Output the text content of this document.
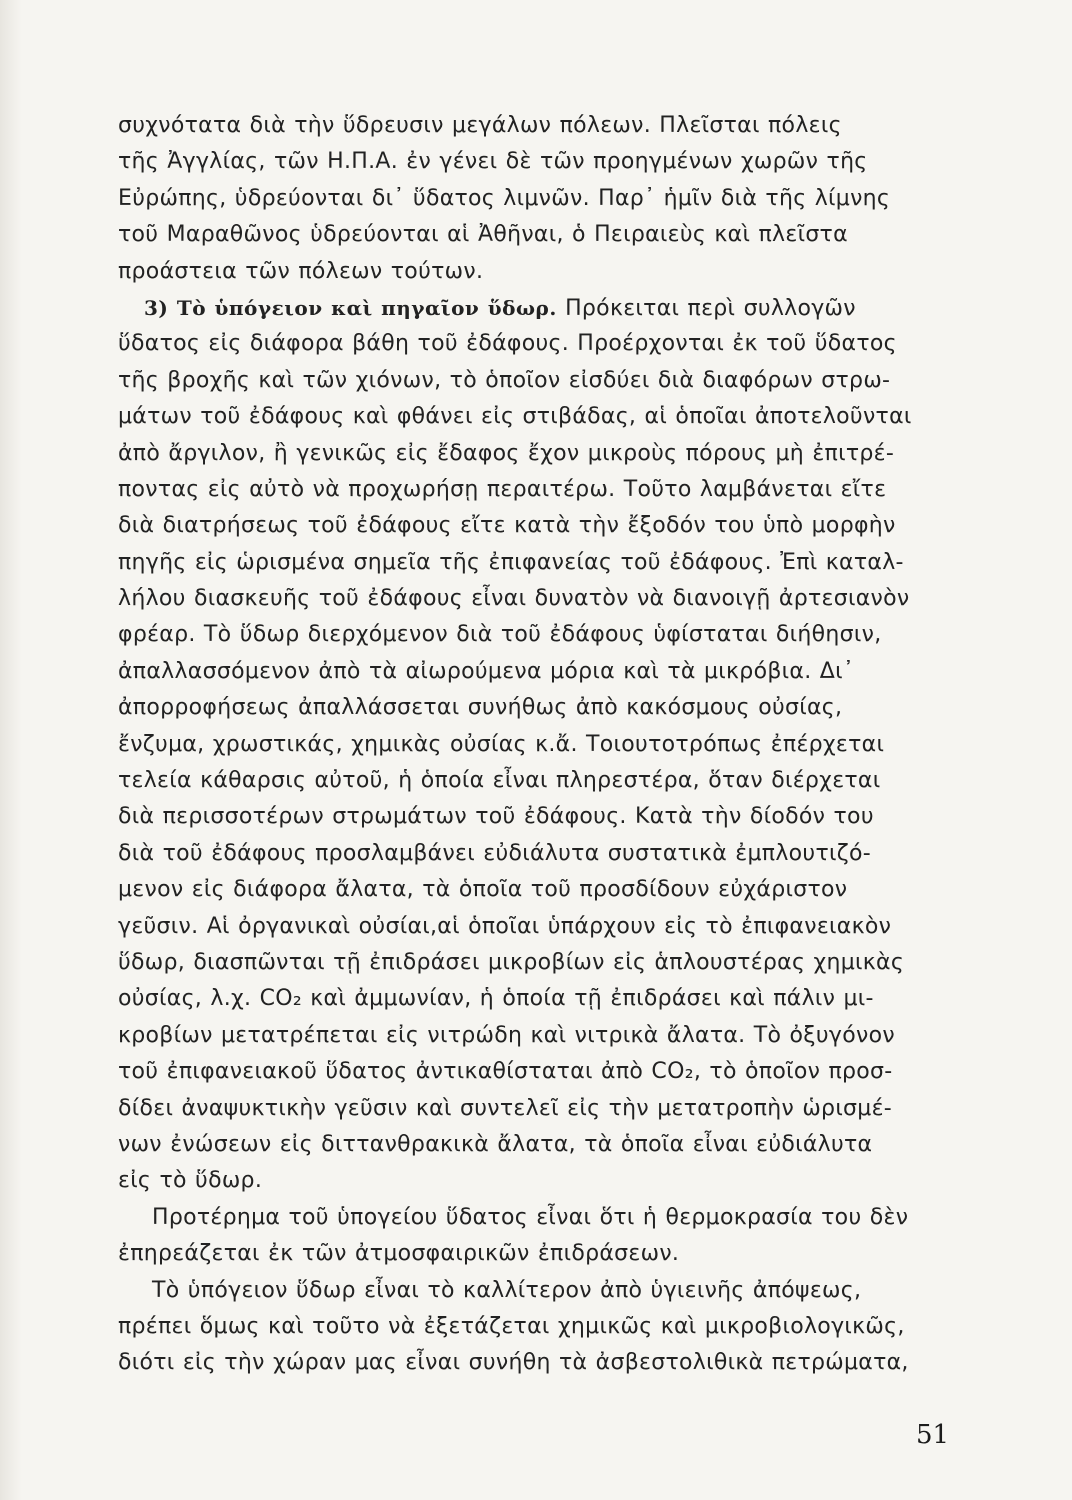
συχνότατα διὰ τὴν ὕδρευσιν μεγάλων πόλεων. Πλεῖσται πόλεις
τῆς Ἀγγλίας, τῶν Η.Π.Α. ἐν γένει δὲ τῶν προηγμένων χωρῶν τῆς
Εὐρώπης, ὑδρεύονται δι᾽ ὕδατος λιμνῶν. Παρ᾽ ἡμῖν διὰ τῆς λίμνης
τοῦ Μαραθῶνος ὑδρεύονται αἱ Ἀθῆναι, ὁ Πειραιεὺς καὶ πλεῖστα
προάστεια τῶν πόλεων τούτων.
3) Τὸ ὑπόγειον καὶ πηγαῖον ὕδωρ. Πρόκειται περὶ συλλογῶν
ὕδατος εἰς διάφορα βάθη τοῦ ἐδάφους. Προέρχονται ἐκ τοῦ ὕδατος
τῆς βροχῆς καὶ τῶν χιόνων, τὸ ὁποῖον εἰσδύει διὰ διαφόρων στρω-
μάτων τοῦ ἐδάφους καὶ φθάνει εἰς στιβάδας, αἱ ὁποῖαι ἀποτελοῦνται
ἀπὸ ἄργιλον, ἢ γενικῶς εἰς ἔδαφος ἔχον μικροὺς πόρους μὴ ἐπιτρέ-
ποντας εἰς αὐτὸ νὰ προχωρήσῃ περαιτέρω. Τοῦτο λαμβάνεται εἴτε
διὰ διατρήσεως τοῦ ἐδάφους εἴτε κατὰ τὴν ἔξοδόν του ὑπὸ μορφὴν
πηγῆς εἰς ὡρισμένα σημεῖα τῆς ἐπιφανείας τοῦ ἐδάφους. Ἐπὶ καταλ-
λήλου διασκευῆς τοῦ ἐδάφους εἶναι δυνατὸν νὰ διανοιγῇ ἀρτεσιανὸν
φρέαρ. Τὸ ὕδωρ διερχόμενον διὰ τοῦ ἐδάφους ὑφίσταται διήθησιν,
ἀπαλλασσόμενον ἀπὸ τὰ αἰωρούμενα μόρια καὶ τὰ μικρόβια. Δι᾽
ἀπορροφήσεως ἀπαλλάσσεται συνήθως ἀπὸ κακόσμους οὐσίας,
ἔνζυμα, χρωστικάς, χημικὰς οὐσίας κ.ἄ. Τοιουτοτρόπως ἐπέρχεται
τελεία κάθαρσις αὐτοῦ, ἡ ὁποία εἶναι πληρεστέρα, ὅταν διέρχεται
διὰ περισσοτέρων στρωμάτων τοῦ ἐδάφους. Κατὰ τὴν δίοδόν του
διὰ τοῦ ἐδάφους προσλαμβάνει εὐδιάλυτα συστατικὰ ἐμπλουτιζό-
μενον εἰς διάφορα ἄλατα, τὰ ὁποῖα τοῦ προσδίδουν εὐχάριστον
γεῦσιν. Αἱ ὀργανικαὶ οὐσίαι,αἱ ὁποῖαι ὑπάρχουν εἰς τὸ ἐπιφανειακὸν
ὕδωρ, διασπῶνται τῇ ἐπιδράσει μικροβίων εἰς ἁπλουστέρας χημικὰς
οὐσίας, λ.χ. CO₂ καὶ ἀμμωνίαν, ἡ ὁποία τῇ ἐπιδράσει καὶ πάλιν μι-
κροβίων μετατρέπεται εἰς νιτρώδη καὶ νιτρικὰ ἄλατα. Τὸ ὀξυγόνον
τοῦ ἐπιφανειακοῦ ὕδατος ἀντικαθίσταται ἀπὸ CO₂, τὸ ὁποῖον προσ-
δίδει ἀναψυκτικὴν γεῦσιν καὶ συντελεῖ εἰς τὴν μετατροπὴν ὡρισμέ-
νων ἐνώσεων εἰς διττανθρακικὰ ἄλατα, τὰ ὁποῖα εἶναι εὐδιάλυτα
εἰς τὸ ὕδωρ.
Προτέρημα τοῦ ὑπογείου ὕδατος εἶναι ὅτι ἡ θερμοκρασία του δὲν
ἐπηρεάζεται ἐκ τῶν ἀτμοσφαιρικῶν ἐπιδράσεων.
Τὸ ὑπόγειον ὕδωρ εἶναι τὸ καλλίτερον ἀπὸ ὑγιεινῆς ἀπόψεως,
πρέπει ὅμως καὶ τοῦτο νὰ ἐξετάζεται χημικῶς καὶ μικροβιολογικῶς,
διότι εἰς τὴν χώραν μας εἶναι συνήθη τὰ ἀσβεστολιθικὰ πετρώματα,
51
